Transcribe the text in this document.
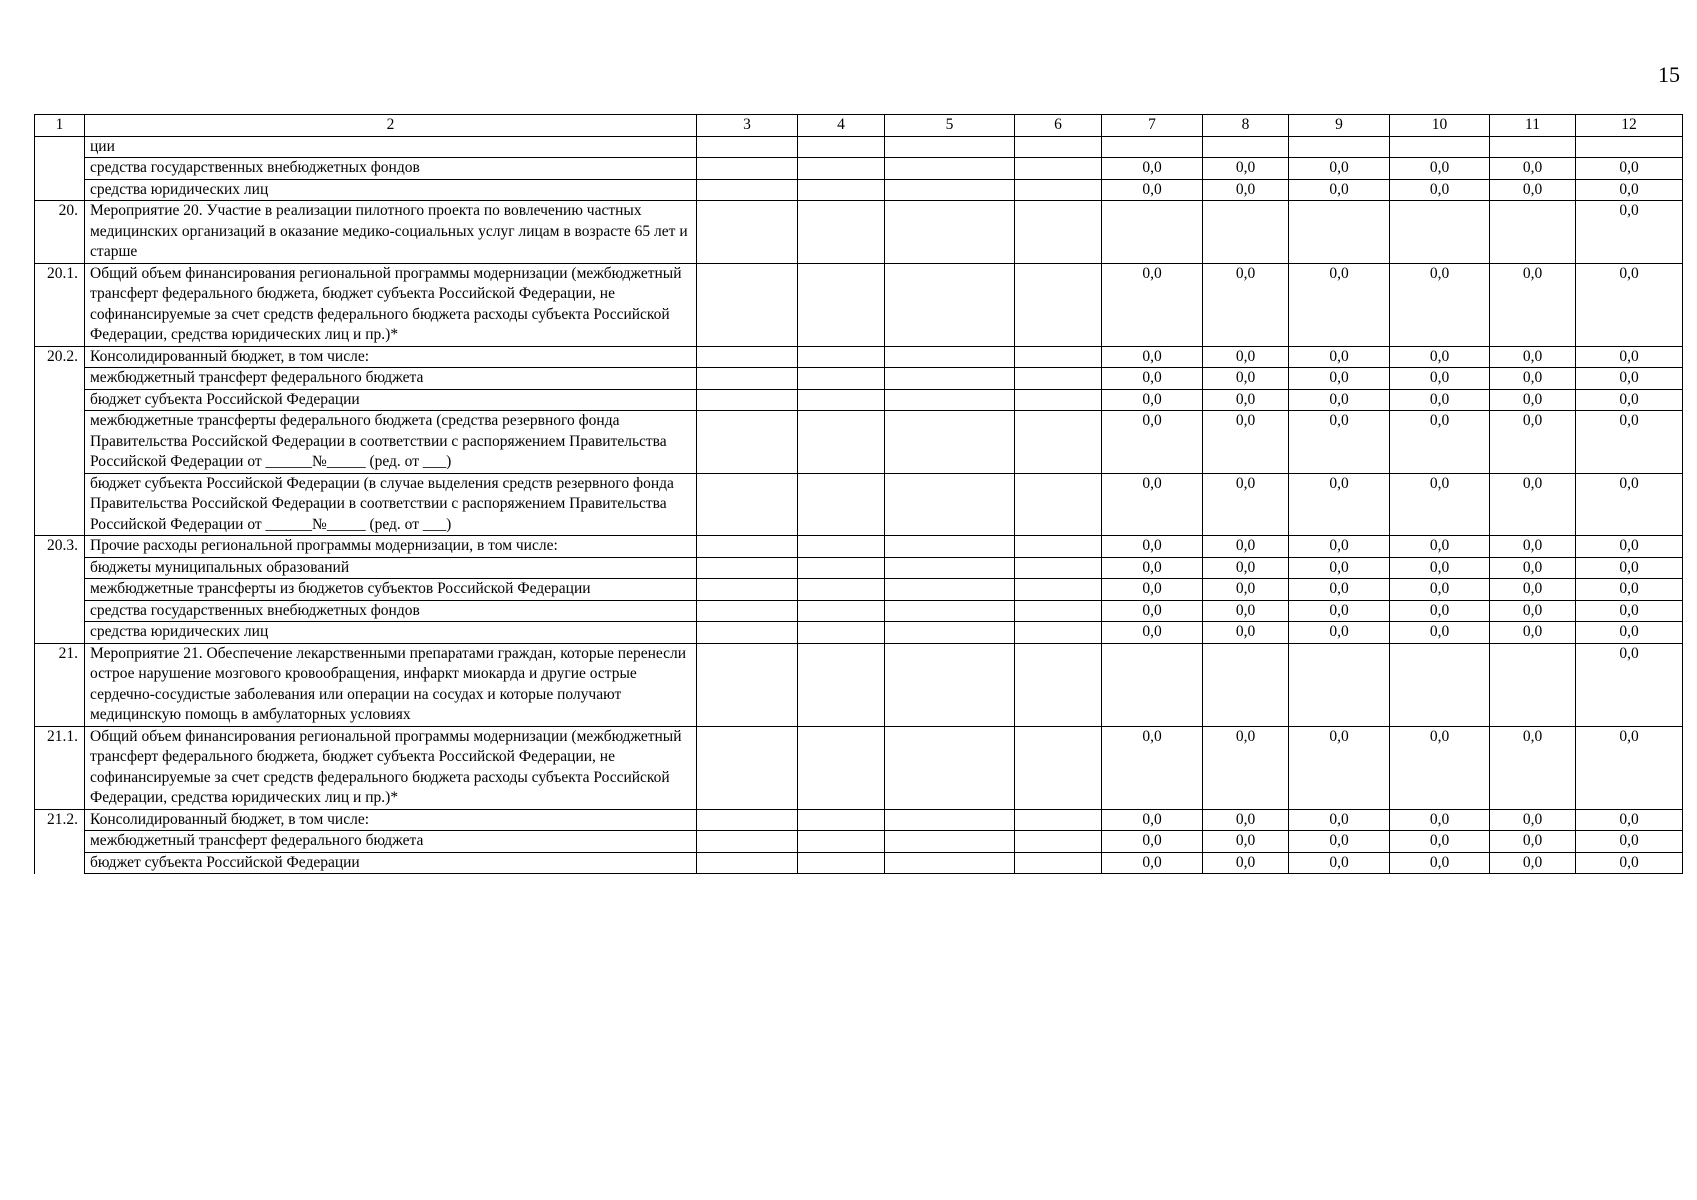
15
1	2	3	4	5	6	7	8	9	10	11	12
	ции										
	средства государственных внебюджетных фондов					0,0	0,0	0,0	0,0	0,0	0,0
	средства юридических лиц					0,0	0,0	0,0	0,0	0,0	0,0
20.	Мероприятие 20. Участие в реализации пилотного проекта по вовлечению частных медицинских организаций в оказание медико-социальных услуг лицам в возрасте 65 лет и старше										0,0
20.1.	Общий объем финансирования региональной программы модернизации (межбюджетный трансферт федерального бюджета, бюджет субъекта Российской Федерации, не софинансируемые за счет средств федерального бюджета расходы субъекта Российской Федерации, средства юридических лиц и пр.)*					0,0	0,0	0,0	0,0	0,0	0,0
20.2.	Консолидированный бюджет, в том числе:					0,0	0,0	0,0	0,0	0,0	0,0
	межбюджетный трансферт федерального бюджета					0,0	0,0	0,0	0,0	0,0	0,0
	бюджет субъекта Российской Федерации					0,0	0,0	0,0	0,0	0,0	0,0
	межбюджетные трансферты федерального бюджета (средства резервного фонда Правительства Российской Федерации в соответствии с распоряжением Правительства Российской Федерации от ______№_____ (ред. от ___)					0,0	0,0	0,0	0,0	0,0	0,0
	бюджет субъекта Российской Федерации (в случае выделения средств резервного фонда Правительства Российской Федерации в соответствии с распоряжением Правительства Российской Федерации от ______№_____ (ред. от ___)					0,0	0,0	0,0	0,0	0,0	0,0
20.3.	Прочие расходы региональной программы модернизации, в том числе:					0,0	0,0	0,0	0,0	0,0	0,0
	бюджеты муниципальных образований					0,0	0,0	0,0	0,0	0,0	0,0
	межбюджетные трансферты из бюджетов субъектов Российской Федерации					0,0	0,0	0,0	0,0	0,0	0,0
	средства государственных внебюджетных фондов					0,0	0,0	0,0	0,0	0,0	0,0
	средства юридических лиц					0,0	0,0	0,0	0,0	0,0	0,0
21.	Мероприятие 21. Обеспечение лекарственными препаратами граждан, которые перенесли острое нарушение мозгового кровообращения, инфаркт миокарда и другие острые сердечно-сосудистые заболевания или операции на сосудах и которые получают медицинскую помощь в амбулаторных условиях										0,0
21.1.	Общий объем финансирования региональной программы модернизации (межбюджетный трансферт федерального бюджета, бюджет субъекта Российской Федерации, не софинансируемые за счет средств федерального бюджета расходы субъекта Российской Федерации, средства юридических лиц и пр.)*					0,0	0,0	0,0	0,0	0,0	0,0
21.2.	Консолидированный бюджет, в том числе:					0,0	0,0	0,0	0,0	0,0	0,0
	межбюджетный трансферт федерального бюджета					0,0	0,0	0,0	0,0	0,0	0,0
	бюджет субъекта Российской Федерации					0,0	0,0	0,0	0,0	0,0	0,0
